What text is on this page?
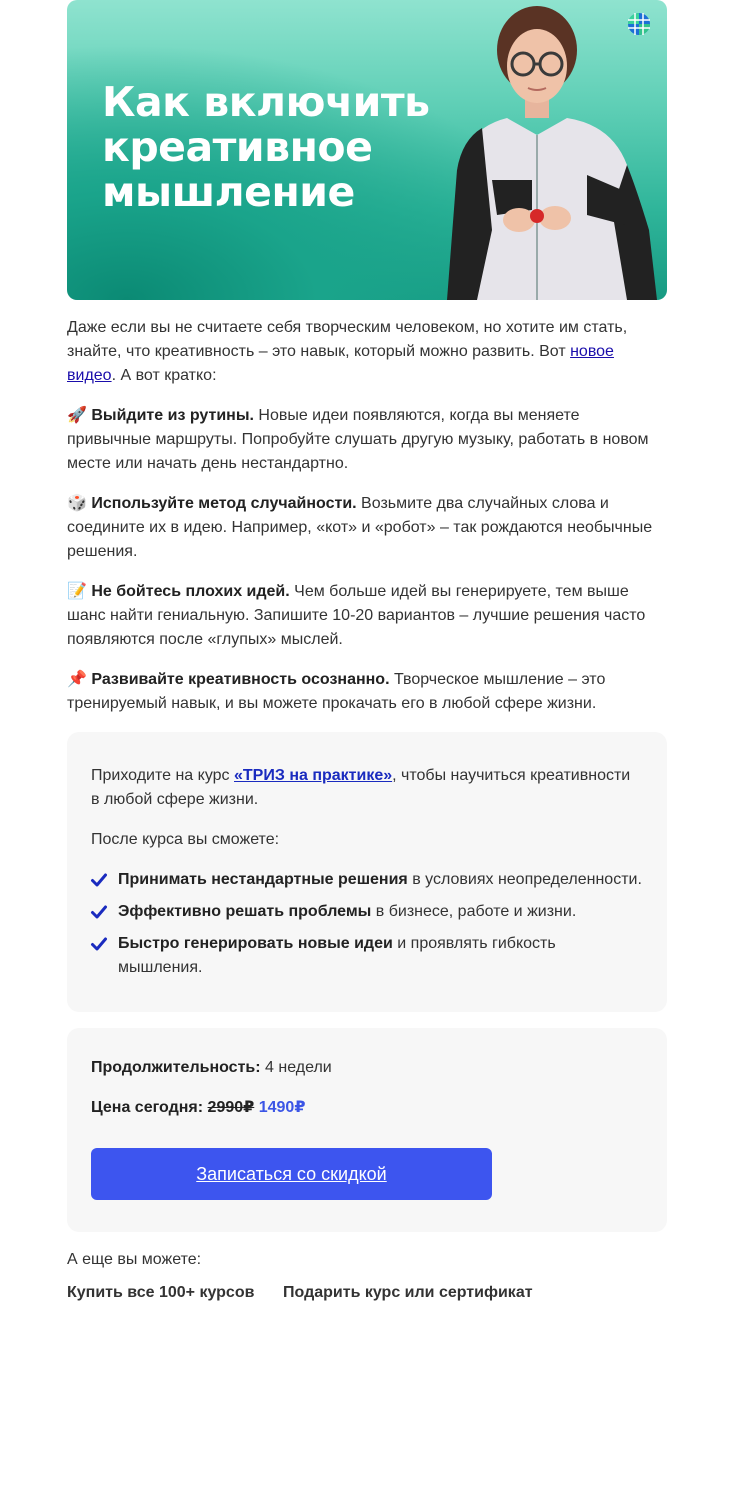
Как включить
креативное
мышление

Даже если вы не считаете себя творческим человеком, но хотите им стать, знайте, что креативность – это навык, который можно развить. Вот новое видео. А вот кратко:

🚀 Выйдите из рутины. Новые идеи появляются, когда вы меняете привычные маршруты. Попробуйте слушать другую музыку, работать в новом месте или начать день нестандартно.

🎲 Используйте метод случайности. Возьмите два случайных слова и соедините их в идею. Например, «кот» и «робот» – так рождаются необычные решения.

📝 Не бойтесь плохих идей. Чем больше идей вы генерируете, тем выше шанс найти гениальную. Запишите 10-20 вариантов – лучшие решения часто появляются после «глупых» мыслей.

📌 Развивайте креативность осознанно. Творческое мышление – это тренируемый навык, и вы можете прокачать его в любой сфере жизни.

Приходите на курс «ТРИЗ на практике», чтобы научиться креативности в любой сфере жизни.

После курса вы сможете:

Принимать нестандартные решения в условиях неопределенности.
Эффективно решать проблемы в бизнесе, работе и жизни.
Быстро генерировать новые идеи и проявлять гибкость мышления.

Продолжительность: 4 недели

Цена сегодня: 2990₽ 1490₽

Записаться со скидкой

А еще вы можете:

Купить все 100+ курсов Подарить курс или сертификат
